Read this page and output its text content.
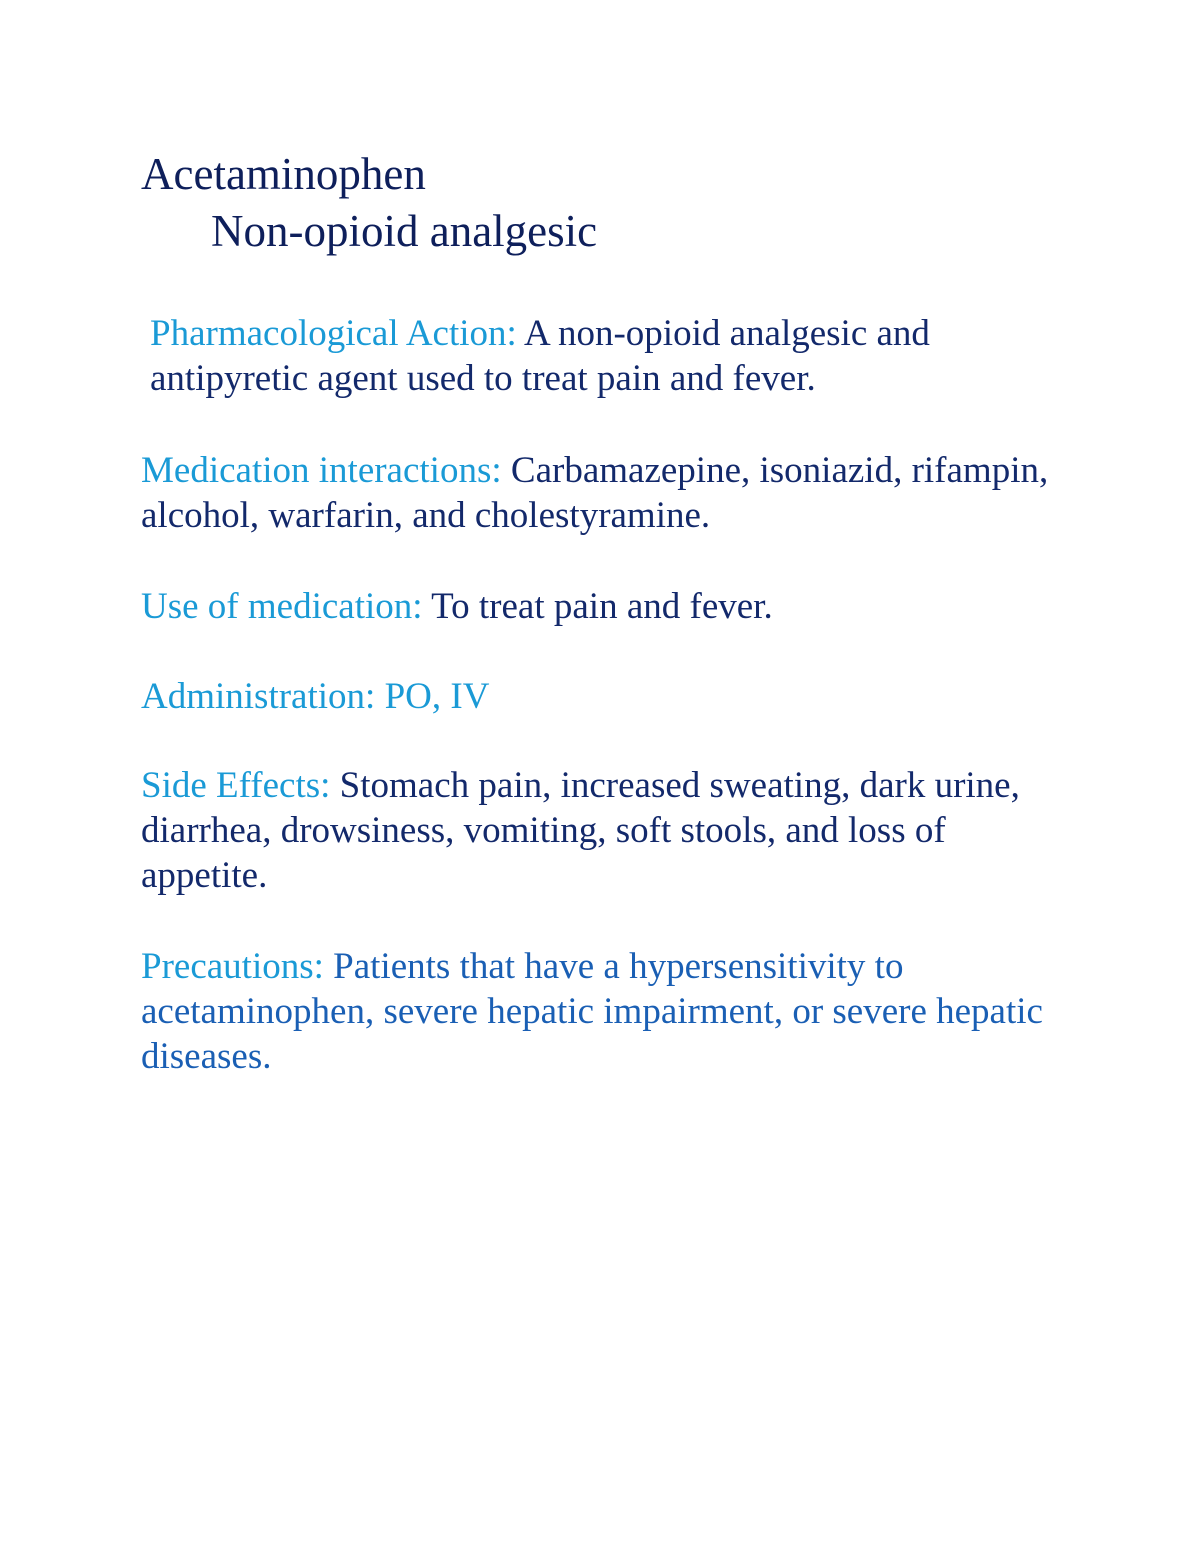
Acetaminophen
Non-opioid analgesic

Pharmacological Action: A non-opioid analgesic and antipyretic agent used to treat pain and fever.

Medication interactions: Carbamazepine, isoniazid, rifampin, alcohol, warfarin, and cholestyramine.

Use of medication: To treat pain and fever.

Administration: PO, IV

Side Effects: Stomach pain, increased sweating, dark urine, diarrhea, drowsiness, vomiting, soft stools, and loss of appetite.

Precautions: Patients that have a hypersensitivity to acetaminophen, severe hepatic impairment, or severe hepatic diseases.
